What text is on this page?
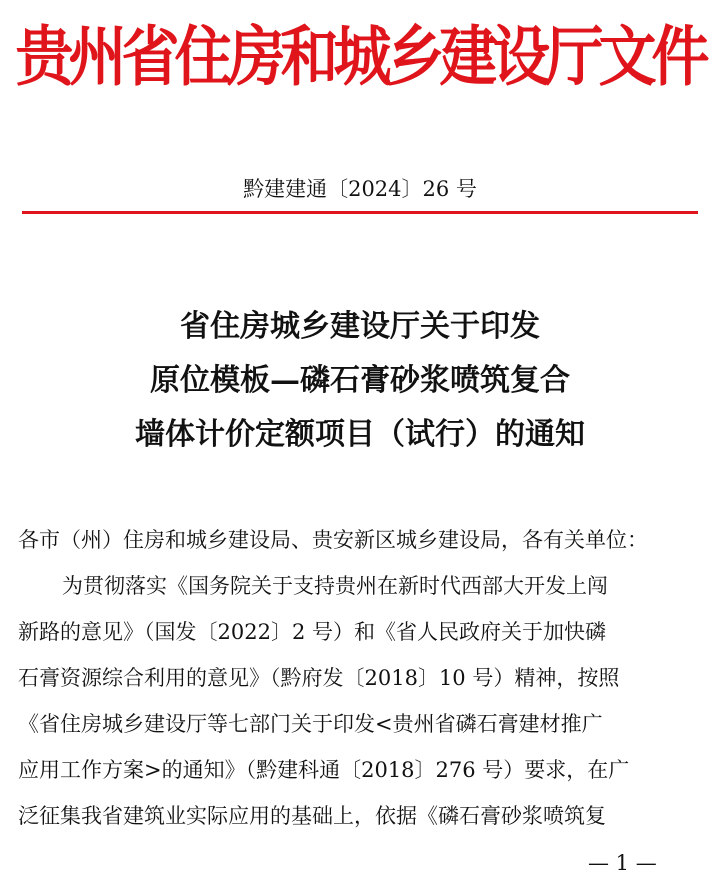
贵州省住房和城乡建设厅文件
黔建建通〔2024〕26 号
省住房城乡建设厅关于印发
原位模板—磷石膏砂浆喷筑复合
墙体计价定额项目（试行）的通知
各市（州）住房和城乡建设局、贵安新区城乡建设局，各有关单位：
为贯彻落实《国务院关于支持贵州在新时代西部大开发上闯
新路的意见》（国发〔2022〕2 号）和《省人民政府关于加快磷
石膏资源综合利用的意见》（黔府发〔2018〕10 号）精神，按照
《省住房城乡建设厅等七部门关于印发<贵州省磷石膏建材推广
应用工作方案>的通知》（黔建科通〔2018〕276 号）要求，在广
泛征集我省建筑业实际应用的基础上，依据《磷石膏砂浆喷筑复
— 1 —
